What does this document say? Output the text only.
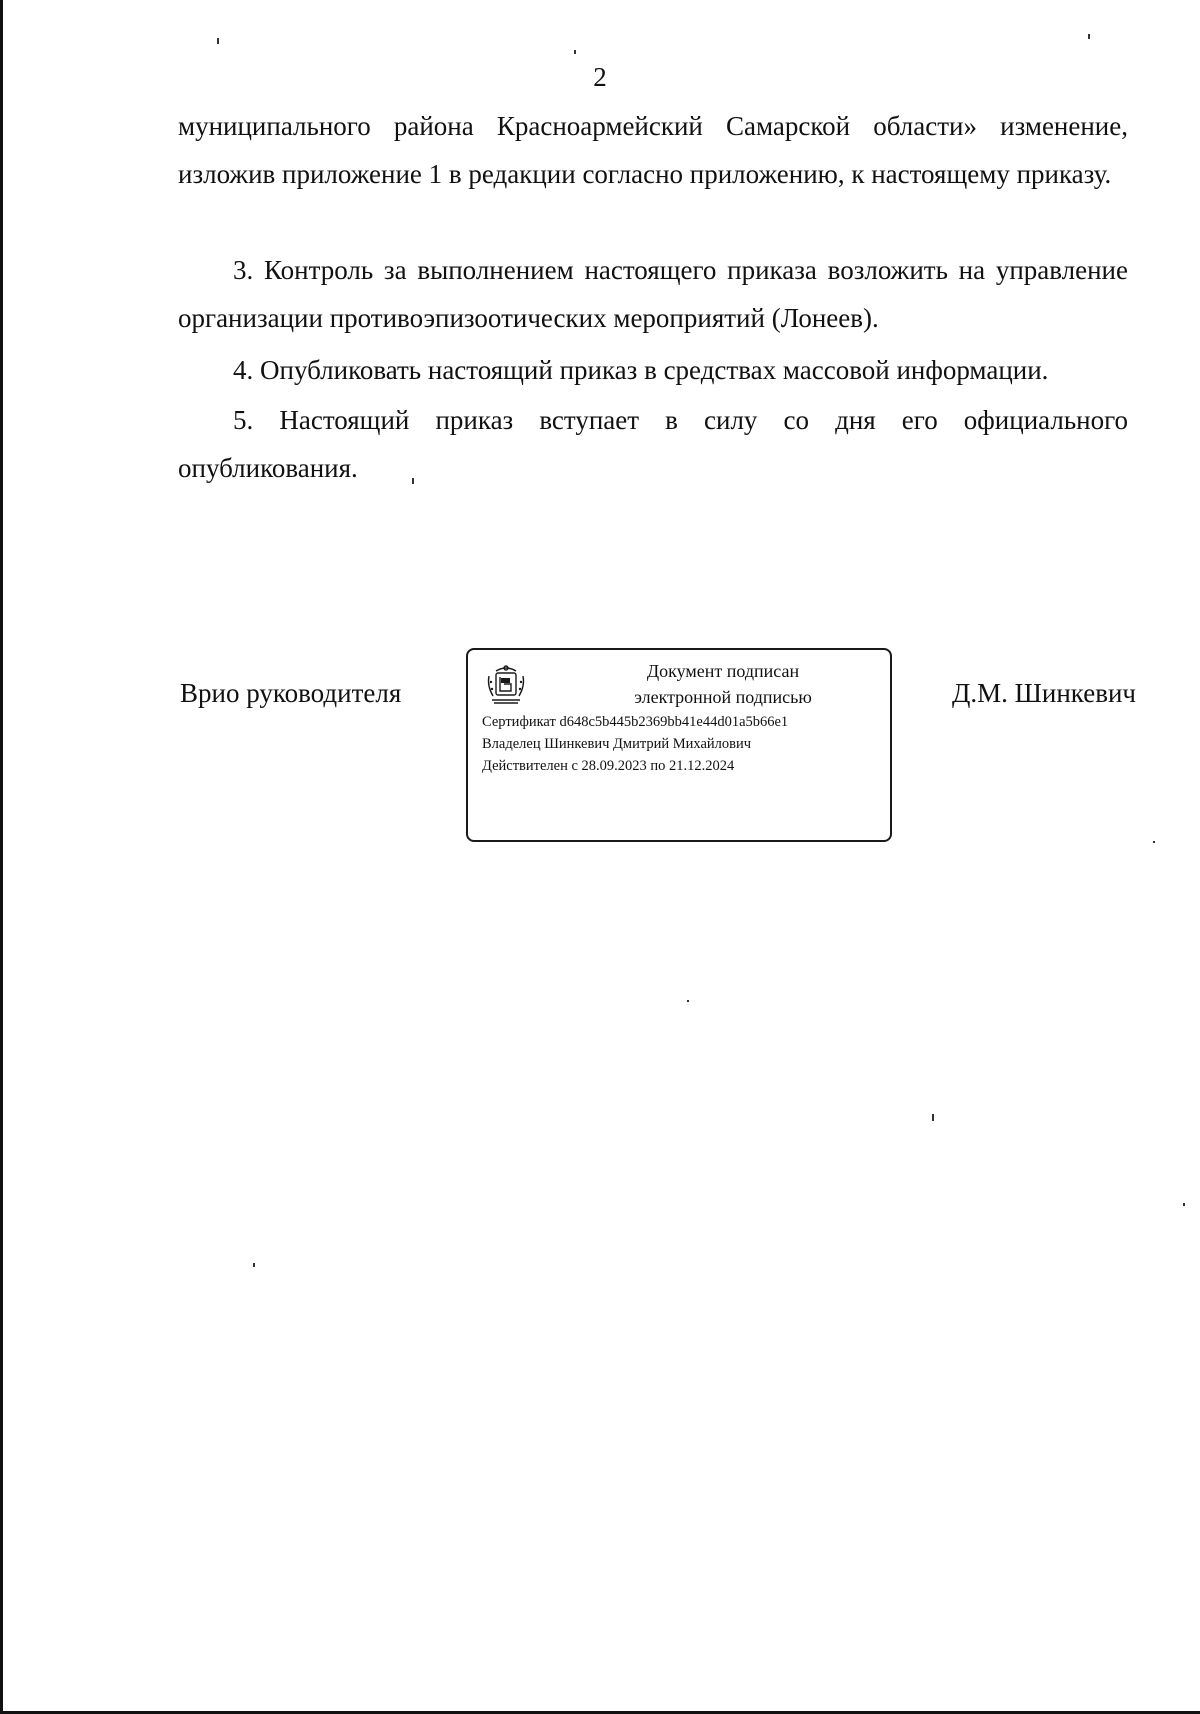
2

муниципального района Красноармейский Самарской области» изменение, изложив приложение 1 в редакции согласно приложению, к настоящему приказу.

3. Контроль за выполнением настоящего приказа возложить на управление организации противоэпизоотических мероприятий (Лонеев).

4. Опубликовать настоящий приказ в средствах массовой информации.

5. Настоящий приказ вступает в силу со дня его официального опубликования.

Врио руководителя
Документ подписан
электронной подписью
Сертификат d648c5b445b2369bb41e44d01a5b66e1
Владелец Шинкевич Дмитрий Михайлович
Действителен с 28.09.2023 по 21.12.2024
Д.М. Шинкевич
